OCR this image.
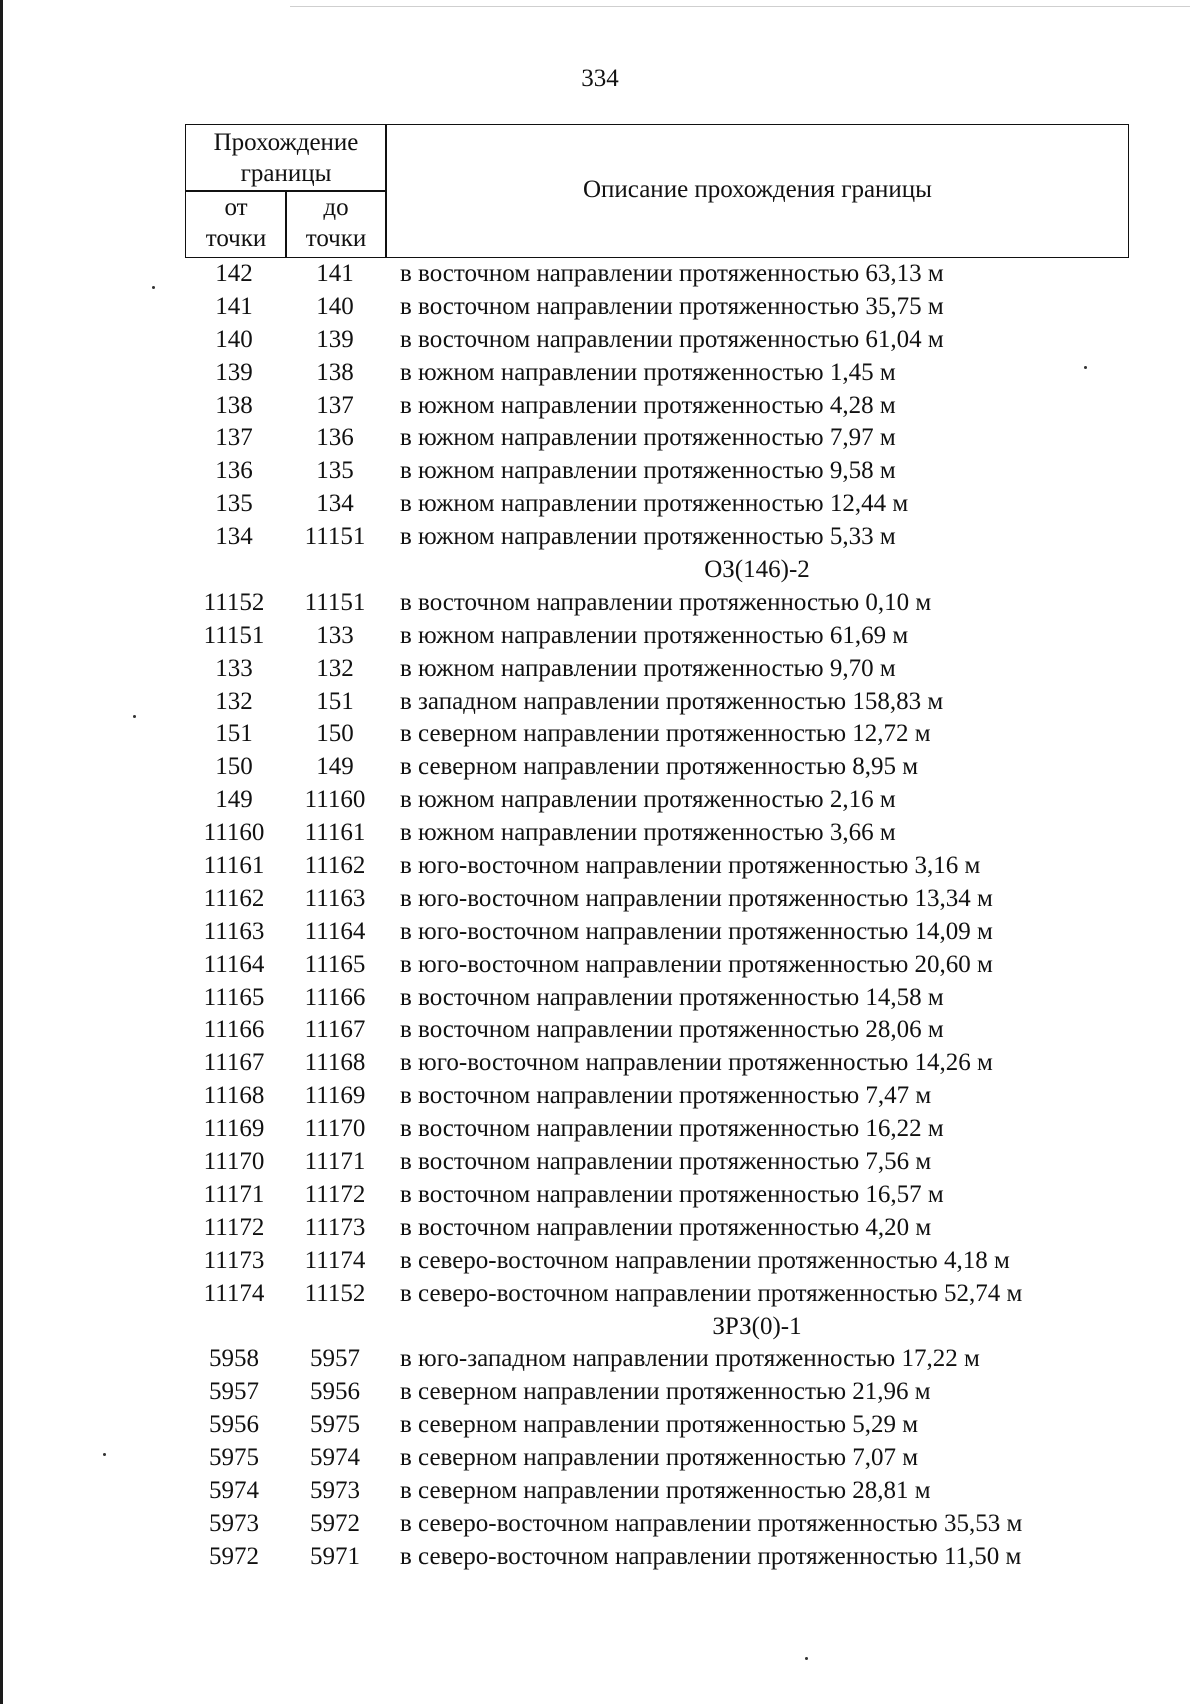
334
Прохождение границы
от точки
до точки
Описание прохождения границы
142	141	в восточном направлении протяженностью 63,13 м
141	140	в восточном направлении протяженностью 35,75 м
140	139	в восточном направлении протяженностью 61,04 м
139	138	в южном направлении протяженностью 1,45 м
138	137	в южном направлении протяженностью 4,28 м
137	136	в южном направлении протяженностью 7,97 м
136	135	в южном направлении протяженностью 9,58 м
135	134	в южном направлении протяженностью 12,44 м
134	11151	в южном направлении протяженностью 5,33 м
ОЗ(146)-2
11152	11151	в восточном направлении протяженностью 0,10 м
11151	133	в южном направлении протяженностью 61,69 м
133	132	в южном направлении протяженностью 9,70 м
132	151	в западном направлении протяженностью 158,83 м
151	150	в северном направлении протяженностью 12,72 м
150	149	в северном направлении протяженностью 8,95 м
149	11160	в южном направлении протяженностью 2,16 м
11160	11161	в южном направлении протяженностью 3,66 м
11161	11162	в юго-восточном направлении протяженностью 3,16 м
11162	11163	в юго-восточном направлении протяженностью 13,34 м
11163	11164	в юго-восточном направлении протяженностью 14,09 м
11164	11165	в юго-восточном направлении протяженностью 20,60 м
11165	11166	в восточном направлении протяженностью 14,58 м
11166	11167	в восточном направлении протяженностью 28,06 м
11167	11168	в юго-восточном направлении протяженностью 14,26 м
11168	11169	в восточном направлении протяженностью 7,47 м
11169	11170	в восточном направлении протяженностью 16,22 м
11170	11171	в восточном направлении протяженностью 7,56 м
11171	11172	в восточном направлении протяженностью 16,57 м
11172	11173	в восточном направлении протяженностью 4,20 м
11173	11174	в северо-восточном направлении протяженностью 4,18 м
11174	11152	в северо-восточном направлении протяженностью 52,74 м
ЗРЗ(0)-1
5958	5957	в юго-западном направлении протяженностью 17,22 м
5957	5956	в северном направлении протяженностью 21,96 м
5956	5975	в северном направлении протяженностью 5,29 м
5975	5974	в северном направлении протяженностью 7,07 м
5974	5973	в северном направлении протяженностью 28,81 м
5973	5972	в северо-восточном направлении протяженностью 35,53 м
5972	5971	в северо-восточном направлении протяженностью 11,50 м
